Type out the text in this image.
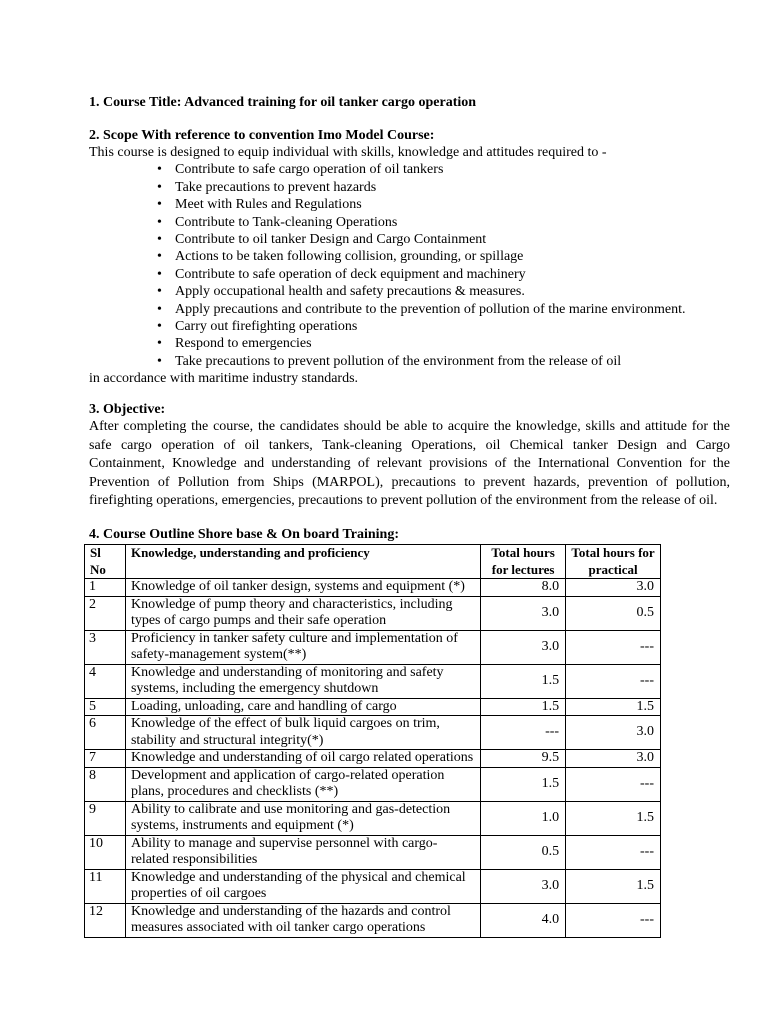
1. Course Title: Advanced training for oil tanker cargo operation
2. Scope With reference to convention Imo Model Course:

This course is designed to equip individual with skills, knowledge and attitudes required to -

• Contribute to safe cargo operation of oil tankers
• Take precautions to prevent hazards
• Meet with Rules and Regulations
• Contribute to Tank-cleaning Operations
• Contribute to oil tanker Design and Cargo Containment
• Actions to be taken following collision, grounding, or spillage
• Contribute to safe operation of deck equipment and machinery
• Apply occupational health and safety precautions & measures.
• Apply precautions and contribute to the prevention of pollution of the marine environment.
• Carry out firefighting operations
• Respond to emergencies
• Take precautions to prevent pollution of the environment from the release of oil

in accordance with maritime industry standards.

3. Objective:

After completing the course, the candidates should be able to acquire the knowledge, skills and attitude for the safe cargo operation of oil tankers, Tank-cleaning Operations, oil Chemical tanker Design and Cargo Containment, Knowledge and understanding of relevant provisions of the International Convention for the Prevention of Pollution from Ships (MARPOL), precautions to prevent hazards, prevention of pollution, firefighting operations, emergencies, precautions to prevent pollution of the environment from the release of oil.

4. Course Outline Shore base & On board Training:
Sl No	Knowledge, understanding and proficiency	Total hours for lectures	Total hours for practical
1	Knowledge of oil tanker design, systems and equipment (*)	8.0	3.0
2	Knowledge of pump theory and characteristics, including types of cargo pumps and their safe operation	3.0	0.5
3	Proficiency in tanker safety culture and implementation of safety-management system(**)	3.0	---
4	Knowledge and understanding of monitoring and safety systems, including the emergency shutdown	1.5	---
5	Loading, unloading, care and handling of cargo	1.5	1.5
6	Knowledge of the effect of bulk liquid cargoes on trim, stability and structural integrity(*)	---	3.0
7	Knowledge and understanding of oil cargo related operations	9.5	3.0
8	Development and application of cargo-related operation plans, procedures and checklists (**)	1.5	---
9	Ability to calibrate and use monitoring and gas-detection systems, instruments and equipment (*)	1.0	1.5
10	Ability to manage and supervise personnel with cargo-related responsibilities	0.5	---
11	Knowledge and understanding of the physical and chemical properties of oil cargoes	3.0	1.5
12	Knowledge and understanding of the hazards and control measures associated with oil tanker cargo operations	4.0	---
